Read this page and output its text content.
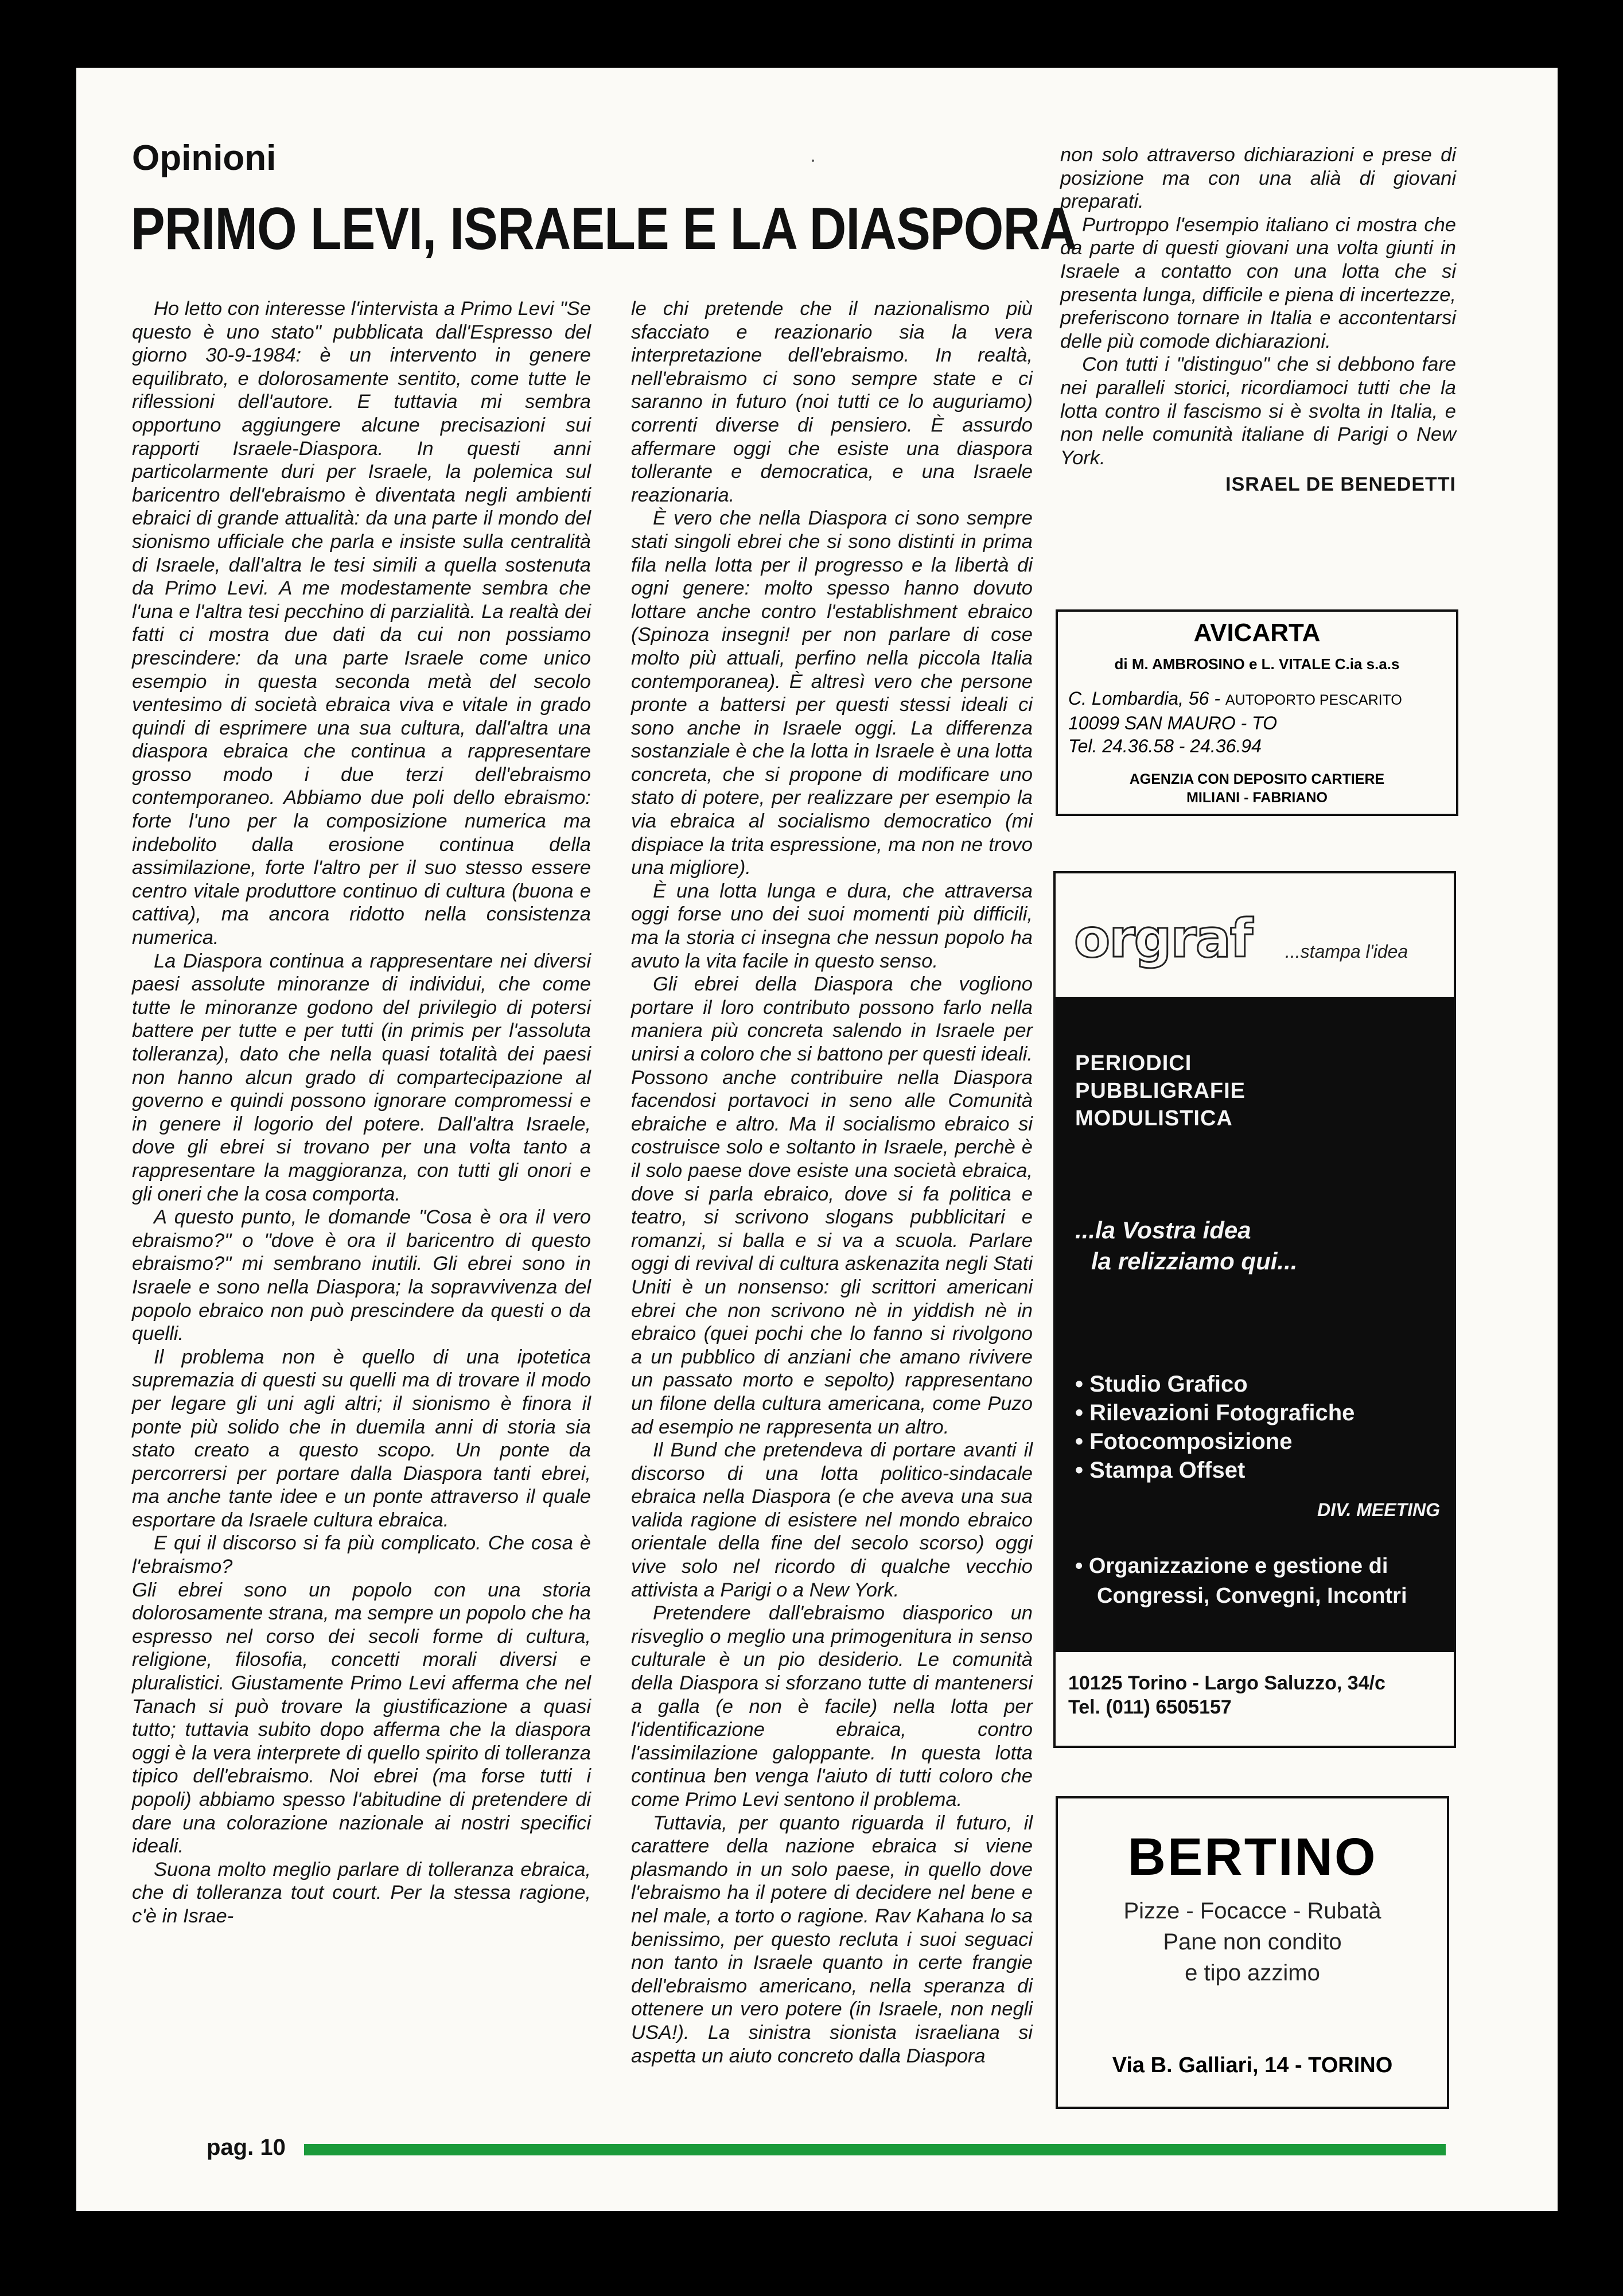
Opinioni
PRIMO LEVI, ISRAELE E LA DIASPORA

Ho letto con interesse l'intervista a Primo Levi "Se questo è uno stato" pubblicata dall'Espresso del giorno 30-9-1984: è un intervento in genere equilibrato, e dolorosamente sentito, come tutte le riflessioni dell'autore. E tuttavia mi sembra opportuno aggiungere alcune precisazioni sui rapporti Israele-Diaspora. In questi anni particolarmente duri per Israele, la polemica sul baricentro dell'ebraismo è diventata negli ambienti ebraici di grande attualità: da una parte il mondo del sionismo ufficiale che parla e insiste sulla centralità di Israele, dall'altra le tesi simili a quella sostenuta da Primo Levi. A me modestamente sembra che l'una e l'altra tesi pecchino di parzialità. La realtà dei fatti ci mostra due dati da cui non possiamo prescindere: da una parte Israele come unico esempio in questa seconda metà del secolo ventesimo di società ebraica viva e vitale in grado quindi di esprimere una sua cultura, dall'altra una diaspora ebraica che continua a rappresentare grosso modo i due terzi dell'ebraismo contemporaneo. Abbiamo due poli dello ebraismo: forte l'uno per la composizione numerica ma indebolito dalla erosione continua della assimilazione, forte l'altro per il suo stesso essere centro vitale produttore continuo di cultura (buona e cattiva), ma ancora ridotto nella consistenza numerica.

La Diaspora continua a rappresentare nei diversi paesi assolute minoranze di individui, che come tutte le minoranze godono del privilegio di potersi battere per tutte e per tutti (in primis per l'assoluta tolleranza), dato che nella quasi totalità dei paesi non hanno alcun grado di compartecipazione al governo e quindi possono ignorare compromessi e in genere il logorio del potere. Dall'altra Israele, dove gli ebrei si trovano per una volta tanto a rappresentare la maggioranza, con tutti gli onori e gli oneri che la cosa comporta.

A questo punto, le domande "Cosa è ora il vero ebraismo?" o "dove è ora il baricentro di questo ebraismo?" mi sembrano inutili. Gli ebrei sono in Israele e sono nella Diaspora; la sopravvivenza del popolo ebraico non può prescindere da questi o da quelli.

Il problema non è quello di una ipotetica supremazia di questi su quelli ma di trovare il modo per legare gli uni agli altri; il sionismo è finora il ponte più solido che in duemila anni di storia sia stato creato a questo scopo. Un ponte da percorrersi per portare dalla Diaspora tanti ebrei, ma anche tante idee e un ponte attraverso il quale esportare da Israele cultura ebraica.

E qui il discorso si fa più complicato. Che cosa è l'ebraismo?

Gli ebrei sono un popolo con una storia dolorosamente strana, ma sempre un popolo che ha espresso nel corso dei secoli forme di cultura, religione, filosofia, concetti morali diversi e pluralistici. Giustamente Primo Levi afferma che nel Tanach si può trovare la giustificazione a quasi tutto; tuttavia subito dopo afferma che la diaspora oggi è la vera interprete di quello spirito di tolleranza tipico dell'ebraismo. Noi ebrei (ma forse tutti i popoli) abbiamo spesso l'abitudine di pretendere di dare una colorazione nazionale ai nostri specifici ideali.

Suona molto meglio parlare di tolleranza ebraica, che di tolleranza tout court. Per la stessa ragione, c'è in Israe-

le chi pretende che il nazionalismo più sfacciato e reazionario sia la vera interpretazione dell'ebraismo. In realtà, nell'ebraismo ci sono sempre state e ci saranno in futuro (noi tutti ce lo auguriamo) correnti diverse di pensiero. È assurdo affermare oggi che esiste una diaspora tollerante e democratica, e una Israele reazionaria.

È vero che nella Diaspora ci sono sempre stati singoli ebrei che si sono distinti in prima fila nella lotta per il progresso e la libertà di ogni genere: molto spesso hanno dovuto lottare anche contro l'establishment ebraico (Spinoza insegni! per non parlare di cose molto più attuali, perfino nella piccola Italia contemporanea). È altresì vero che persone pronte a battersi per questi stessi ideali ci sono anche in Israele oggi. La differenza sostanziale è che la lotta in Israele è una lotta concreta, che si propone di modificare uno stato di potere, per realizzare per esempio la via ebraica al socialismo democratico (mi dispiace la trita espressione, ma non ne trovo una migliore).

È una lotta lunga e dura, che attraversa oggi forse uno dei suoi momenti più difficili, ma la storia ci insegna che nessun popolo ha avuto la vita facile in questo senso.

Gli ebrei della Diaspora che vogliono portare il loro contributo possono farlo nella maniera più concreta salendo in Israele per unirsi a coloro che si battono per questi ideali. Possono anche contribuire nella Diaspora facendosi portavoci in seno alle Comunità ebraiche e altro. Ma il socialismo ebraico si costruisce solo e soltanto in Israele, perchè è il solo paese dove esiste una società ebraica, dove si parla ebraico, dove si fa politica e teatro, si scrivono slogans pubblicitari e romanzi, si balla e si va a scuola. Parlare oggi di revival di cultura askenazita negli Stati Uniti è un nonsenso: gli scrittori americani ebrei che non scrivono nè in yiddish nè in ebraico (quei pochi che lo fanno si rivolgono a un pubblico di anziani che amano rivivere un passato morto e sepolto) rappresentano un filone della cultura americana, come Puzo ad esempio ne rappresenta un altro.

Il Bund che pretendeva di portare avanti il discorso di una lotta politico-sindacale ebraica nella Diaspora (e che aveva una sua valida ragione di esistere nel mondo ebraico orientale della fine del secolo scorso) oggi vive solo nel ricordo di qualche vecchio attivista a Parigi o a New York.

Pretendere dall'ebraismo diasporico un risveglio o meglio una primogenitura in senso culturale è un pio desiderio. Le comunità della Diaspora si sforzano tutte di mantenersi a galla (e non è facile) nella lotta per l'identificazione ebraica, contro l'assimilazione galoppante. In questa lotta continua ben venga l'aiuto di tutti coloro che come Primo Levi sentono il problema.

Tuttavia, per quanto riguarda il futuro, il carattere della nazione ebraica si viene plasmando in un solo paese, in quello dove l'ebraismo ha il potere di decidere nel bene e nel male, a torto o ragione. Rav Kahana lo sa benissimo, per questo recluta i suoi seguaci non tanto in Israele quanto in certe frangie dell'ebraismo americano, nella speranza di ottenere un vero potere (in Israele, non negli USA!). La sinistra sionista israeliana si aspetta un aiuto concreto dalla Diaspora

non solo attraverso dichiarazioni e prese di posizione ma con una alià di giovani preparati.

Purtroppo l'esempio italiano ci mostra che da parte di questi giovani una volta giunti in Israele a contatto con una lotta che si presenta lunga, difficile e piena di incertezze, preferiscono tornare in Italia e accontentarsi delle più comode dichiarazioni.

Con tutti i "distinguo" che si debbono fare nei paralleli storici, ricordiamoci tutti che la lotta contro il fascismo si è svolta in Italia, e non nelle comunità italiane di Parigi o New York.

ISRAEL DE BENEDETTI
AVICARTA
di M. AMBROSINO e L. VITALE C.ia s.a.s
C. Lombardia, 56 - AUTOPORTO PESCARITO
10099 SAN MAURO - TO
Tel. 24.36.58 - 24.36.94
AGENZIA CON DEPOSITO CARTIERE
MILIANI - FABRIANO
orgraf ...stampa l'idea
PERIODICI
PUBBLIGRAFIE
MODULISTICA
...la Vostra idea
la relizziamo qui...
• Studio Grafico
• Rilevazioni Fotografiche
• Fotocomposizione
• Stampa Offset
DIV. MEETING
• Organizzazione e gestione di
Congressi, Convegni, Incontri
10125 Torino - Largo Saluzzo, 34/c
Tel. (011) 6505157
BERTINO
Pizze - Focacce - Rubatà
Pane non condito
e tipo azzimo
Via B. Galliari, 14 - TORINO
pag. 10
